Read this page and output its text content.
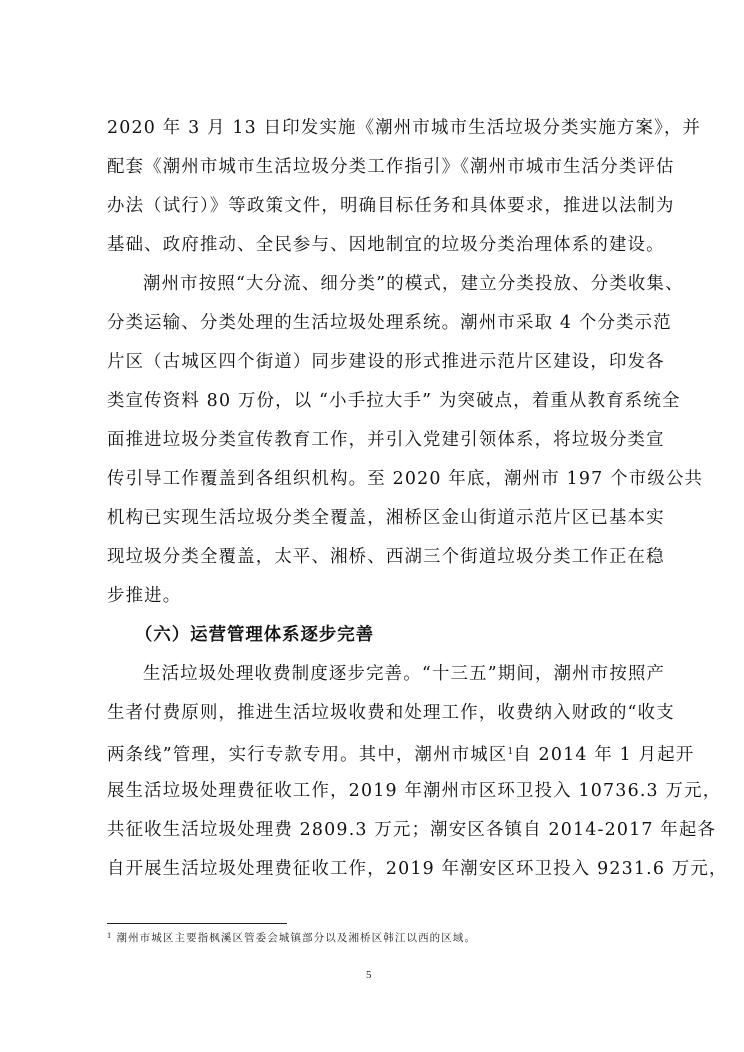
2020 年 3 月 13 日印发实施《潮州市城市生活垃圾分类实施方案》，并
配套《潮州市城市生活垃圾分类工作指引》《潮州市城市生活分类评估
办法（试行）》等政策文件，明确目标任务和具体要求，推进以法制为
基础、政府推动、全民参与、因地制宜的垃圾分类治理体系的建设。
潮州市按照“大分流、细分类”的模式，建立分类投放、分类收集、
分类运输、分类处理的生活垃圾处理系统。潮州市采取 4 个分类示范
片区（古城区四个街道）同步建设的形式推进示范片区建设，印发各
类宣传资料 80 万份，以 “小手拉大手” 为突破点，着重从教育系统全
面推进垃圾分类宣传教育工作，并引入党建引领体系，将垃圾分类宣
传引导工作覆盖到各组织机构。至 2020 年底，潮州市 197 个市级公共
机构已实现生活垃圾分类全覆盖，湘桥区金山街道示范片区已基本实
现垃圾分类全覆盖，太平、湘桥、西湖三个街道垃圾分类工作正在稳
步推进。
（六）运营管理体系逐步完善
生活垃圾处理收费制度逐步完善。“十三五”期间，潮州市按照产
生者付费原则，推进生活垃圾收费和处理工作，收费纳入财政的“收支
两条线”管理，实行专款专用。其中，潮州市城区$^1$自 2014 年 1 月起开
展生活垃圾处理费征收工作，2019 年潮州市区环卫投入 10736.3 万元，
共征收生活垃圾处理费 2809.3 万元；潮安区各镇自 2014-2017 年起各
自开展生活垃圾处理费征收工作，2019 年潮安区环卫投入 9231.6 万元，
$^1$ 潮州市城区主要指枫溪区管委会城镇部分以及湘桥区韩江以西的区域。
5
